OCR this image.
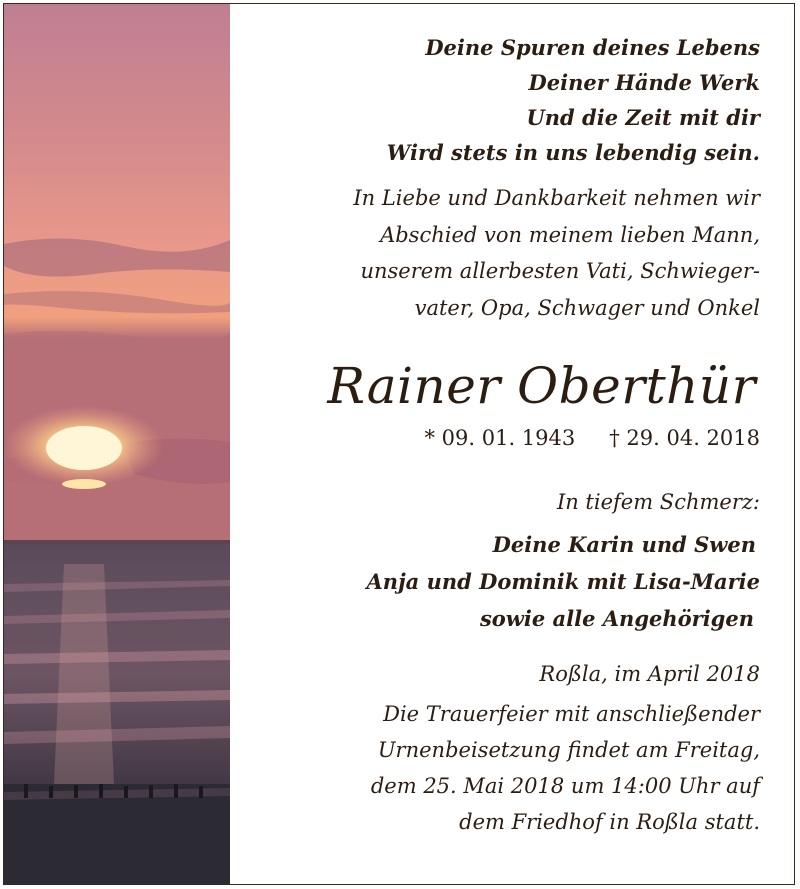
Deine Spuren deines Lebens
Deiner Hände Werk
Und die Zeit mit dir
Wird stets in uns lebendig sein.
In Liebe und Dankbarkeit nehmen wir
Abschied von meinem lieben Mann,
unserem allerbesten Vati, Schwieger-
vater, Opa, Schwager und Onkel
Rainer Oberthür
* 09. 01. 1943 † 29. 04. 2018
In tiefem Schmerz:
Deine Karin und Swen
Anja und Dominik mit Lisa-Marie
sowie alle Angehörigen
Roßla, im April 2018
Die Trauerfeier mit anschließender
Urnenbeisetzung findet am Freitag,
dem 25. Mai 2018 um 14:00 Uhr auf
dem Friedhof in Roßla statt.
